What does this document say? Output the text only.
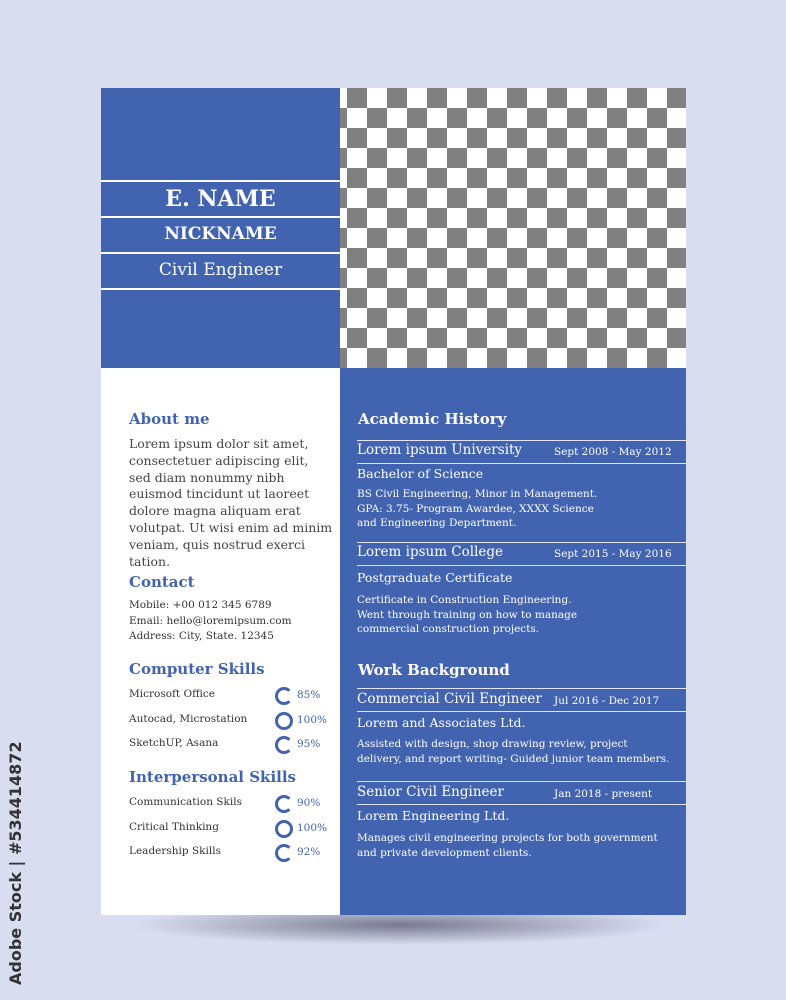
E. NAME
NICKNAME
Civil Engineer
About me
Lorem ipsum dolor sit amet, consectetuer adipiscing elit, sed diam nonummy nibh euismod tincidunt ut laoreet dolore magna aliquam erat volutpat. Ut wisi enim ad minim veniam, quis nostrud exerci tation.
Contact
Mobile: +00 012 345 6789
Email: hello@loremipsum.com
Address: City, State. 12345
Computer Skills
Microsoft Office	85%
Autocad, Microstation	100%
SketchUP, Asana	95%
Interpersonal Skills
Communication Skils	90%
Critical Thinking	100%
Leadership Skills	92%
Academic History
Lorem ipsum University	Sept 2008 - May 2012
Bachelor of Science
BS Civil Engineering, Minor in Management.
GPA: 3.75- Program Awardee, XXXX Science
and Engineering Department.
Lorem ipsum College	Sept 2015 - May 2016
Postgraduate Certificate
Certificate in Construction Engineering.
Went through training on how to manage
commercial construction projects.
Work Background
Commercial Civil Engineer Jul 2016 - Dec 2017
Lorem and Associates Ltd.
Assisted with design, shop drawing review, project
delivery, and report writing- Guided junior team members.
Senior Civil Engineer	Jan 2018 - present
Lorem Engineering Ltd.
Manages civil engineering projects for both government
and private development clients.
Adobe Stock | #534414872
